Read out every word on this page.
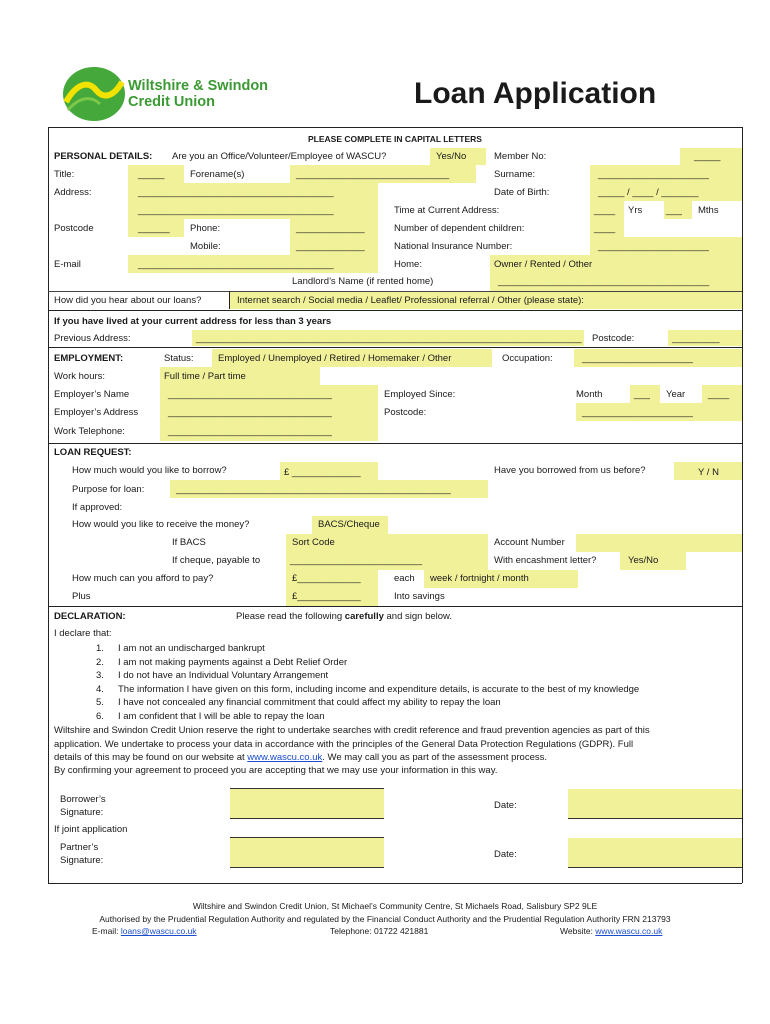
Wiltshire & Swindon
Credit Union	Loan Application
PLEASE COMPLETE IN CAPITAL LETTERS
PERSONAL DETAILS: Are you an Office/Volunteer/Employee of WASCU?	Yes/No	Member No:	_____
Title:	_____	Forename(s)	_____________________________	Surname:	_____________________
Address:	_____________________________________	Date of Birth:	_____ / ____ / _______
_____________________________________	Time at Current Address:	____ Yrs	___ Mths
Postcode	______ Phone:	_____________	Number of dependent children:	____
Mobile:	_____________	National Insurance Number:	_____________________
E-mail	_____________________________________	Home:	Owner / Rented / Other
Landlord’s Name (if rented home)	________________________________________
How did you hear about our loans?	Internet search / Social media / Leaflet/ Professional referral / Other (please state):
If you have lived at your current address for less than 3 years
Previous Address:	_________________________________________________________________________ Postcode:	_________
EMPLOYMENT:	Status:	Employed / Unemployed / Retired / Homemaker / Other	Occupation:	_____________________
Work hours:	Full time / Part time
Employer’s Name	_______________________________	Employed Since:	Month	___ Year ____
Employer’s Address	_______________________________	Postcode:	_____________________
Work Telephone:	_______________________________
LOAN REQUEST:
How much would you like to borrow?	£ _____________	Have you borrowed from us before?	Y / N
Purpose for loan:	____________________________________________________
If approved:
How would you like to receive the money?	BACS/Cheque
If BACS	Sort Code	Account Number
If cheque, payable to	_________________________	With encashment letter?	Yes/No
How much can you afford to pay?	£____________	each week / fortnight / month
Plus	£____________	Into savings
DECLARATION:	Please read the following carefully and sign below.
I declare that:
1. I am not an undischarged bankrupt
2. I am not making payments against a Debt Relief Order
3. I do not have an Individual Voluntary Arrangement
4. The information I have given on this form, including income and expenditure details, is accurate to the best of my knowledge
5. I have not concealed any financial commitment that could affect my ability to repay the loan
6. I am confident that I will be able to repay the loan
Wiltshire and Swindon Credit Union reserve the right to undertake searches with credit reference and fraud prevention agencies as part of this
application. We undertake to process your data in accordance with the principles of the General Data Protection Regulations (GDPR). Full
details of this may be found on our website at www.wascu.co.uk. We may call you as part of the assessment process.
By confirming your agreement to proceed you are accepting that we may use your information in this way.
Borrower’s
Signature:
Date:
If joint application
Partner’s
Signature:
Date:
Wiltshire and Swindon Credit Union, St Michael’s Community Centre, St Michaels Road, Salisbury SP2 9LE
Authorised by the Prudential Regulation Authority and regulated by the Financial Conduct Authority and the Prudential Regulation Authority FRN 213793
E-mail: loans@wascu.co.uk	Telephone: 01722 421881	Website: www.wascu.co.uk
